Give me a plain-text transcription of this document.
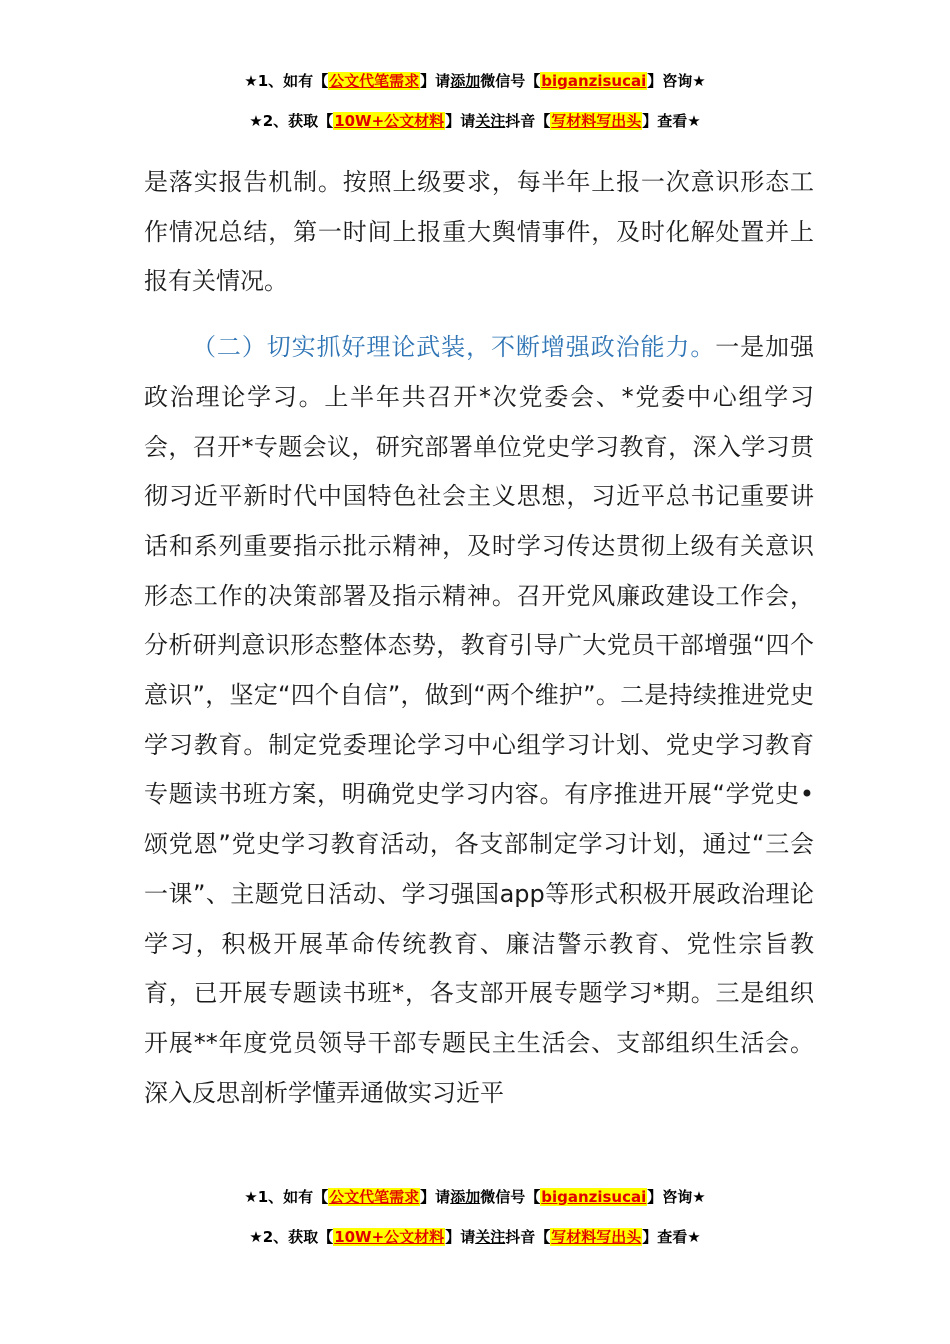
★1、如有【公文代笔需求】请添加微信号【biganzisucai】咨询★
★2、获取【10W+公文材料】请关注抖音【写材料写出头】查看★

是落实报告机制。按照上级要求，每半年上报一次意识形态工作情况总结，第一时间上报重大舆情事件，及时化解处置并上报有关情况。

（二）切实抓好理论武装，不断增强政治能力。一是加强政治理论学习。上半年共召开*次党委会、*党委中心组学习会，召开*专题会议，研究部署单位党史学习教育，深入学习贯彻习近平新时代中国特色社会主义思想，习近平总书记重要讲话和系列重要指示批示精神，及时学习传达贯彻上级有关意识形态工作的决策部署及指示精神。召开党风廉政建设工作会，分析研判意识形态整体态势，教育引导广大党员干部增强“四个意识”，坚定“四个自信”，做到“两个维护”。二是持续推进党史学习教育。制定党委理论学习中心组学习计划、党史学习教育专题读书班方案，明确党史学习内容。有序推进开展“学党史•颂党恩”党史学习教育活动，各支部制定学习计划，通过“三会一课”、主题党日活动、学习强国app等形式积极开展政治理论学习，积极开展革命传统教育、廉洁警示教育、党性宗旨教育，已开展专题读书班*，各支部开展专题学习*期。三是组织开展**年度党员领导干部专题民主生活会、支部组织生活会。深入反思剖析学懂弄通做实习近平

★1、如有【公文代笔需求】请添加微信号【biganzisucai】咨询★
★2、获取【10W+公文材料】请关注抖音【写材料写出头】查看★
